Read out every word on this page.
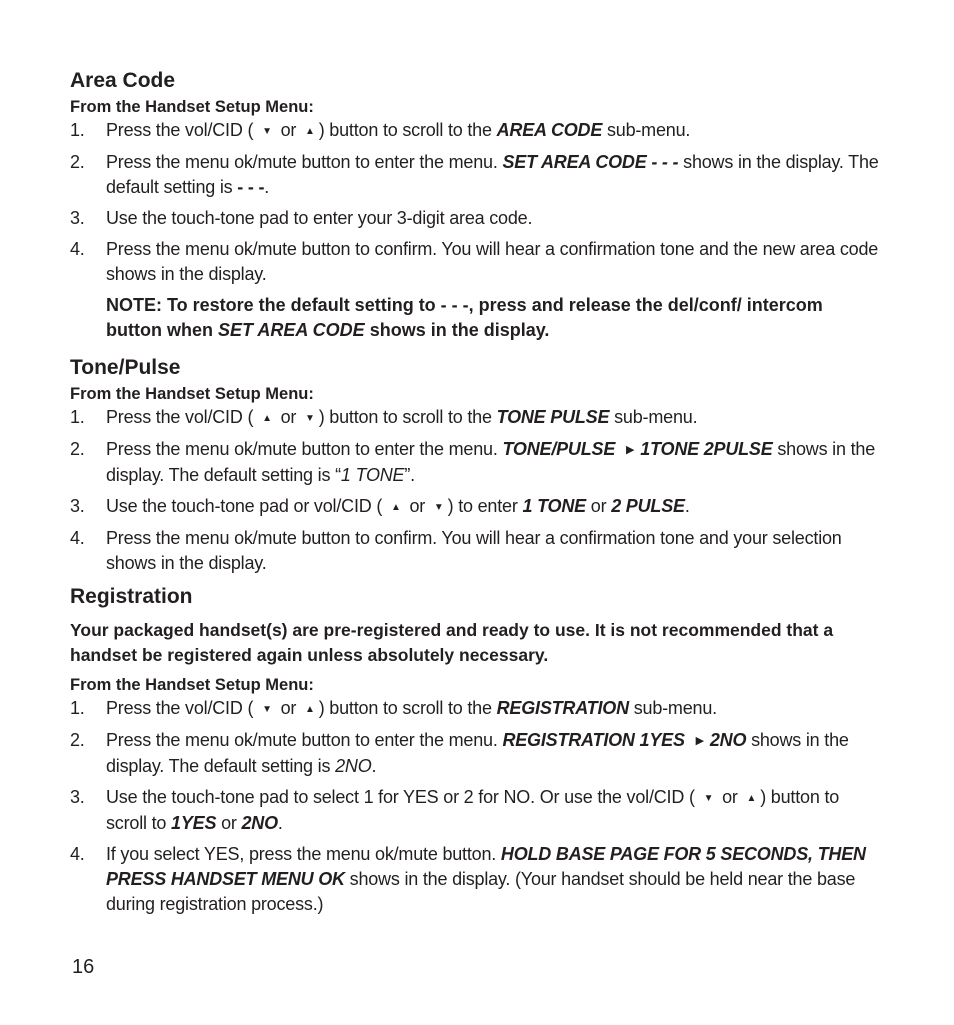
Area Code

From the Handset Setup Menu:

1.	Press the vol/CID ( ▼ or ▲ ) button to scroll to the AREA CODE sub-menu.
2.	Press the menu ok/mute button to enter the menu. SET AREA CODE - - - shows in the display. The default setting is - - -.
3.	Use the touch-tone pad to enter your 3-digit area code.
4.	Press the menu ok/mute button to confirm. You will hear a confirmation tone and the new area code shows in the display.

NOTE: To restore the default setting to - - -, press and release the del/conf/ intercom button when SET AREA CODE shows in the display.

Tone/Pulse

From the Handset Setup Menu:

1.	Press the vol/CID ( ▲ or ▼ ) button to scroll to the TONE PULSE sub-menu.
2.	Press the menu ok/mute button to enter the menu. TONE/PULSE ▶ 1TONE 2PULSE shows in the display. The default setting is “1 TONE”.
3.	Use the touch-tone pad or vol/CID ( ▲ or ▼ ) to enter 1 TONE or 2 PULSE.
4.	Press the menu ok/mute button to confirm. You will hear a confirmation tone and your selection shows in the display.
Registration

Your packaged handset(s) are pre-registered and ready to use. It is not recommended that a handset be registered again unless absolutely necessary.

From the Handset Setup Menu:

1.	Press the vol/CID ( ▼ or ▲ ) button to scroll to the REGISTRATION sub-menu.
2.	Press the menu ok/mute button to enter the menu. REGISTRATION 1YES ▶ 2NO shows in the display. The default setting is 2NO.
3.	Use the touch-tone pad to select 1 for YES or 2 for NO. Or use the vol/CID ( ▼ or ▲ ) button to scroll to 1YES or 2NO.
4.	If you select YES, press the menu ok/mute button. HOLD BASE PAGE FOR 5 SECONDS, THEN PRESS HANDSET MENU OK shows in the display. (Your handset should be held near the base during registration process.)
16
